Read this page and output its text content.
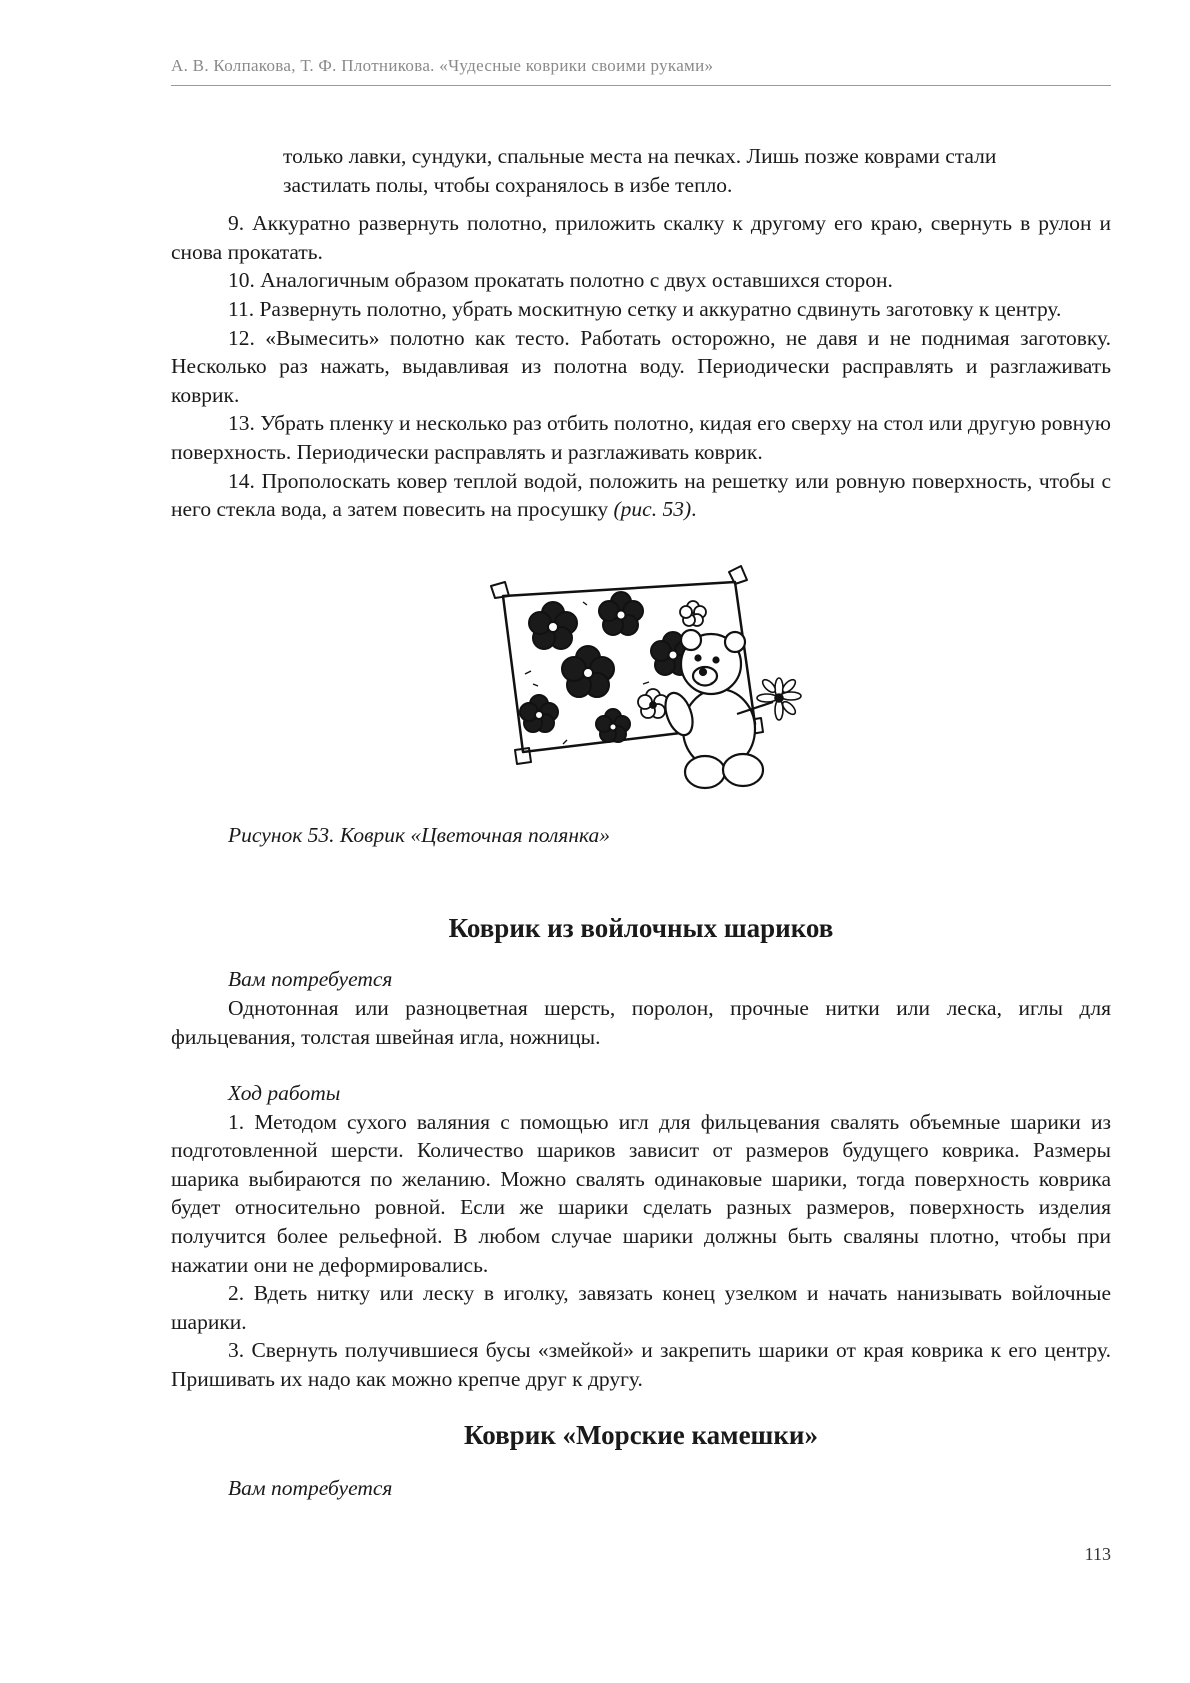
А. В. Колпакова, Т. Ф. Плотникова. «Чудесные коврики своими руками»

только лавки, сундуки, спальные места на печках. Лишь позже коврами стали
застилать полы, чтобы сохранялось в избе тепло.

9. Аккуратно развернуть полотно, приложить скалку к другому его краю, свернуть в рулон и снова прокатать.

10. Аналогичным образом прокатать полотно с двух оставшихся сторон.

11. Развернуть полотно, убрать москитную сетку и аккуратно сдвинуть заготовку к центру.

12. «Вымесить» полотно как тесто. Работать осторожно, не давя и не поднимая заготовку. Несколько раз нажать, выдавливая из полотна воду. Периодически расправлять и разглаживать коврик.

13. Убрать пленку и несколько раз отбить полотно, кидая его сверху на стол или другую ровную поверхность. Периодически расправлять и разглаживать коврик.

14. Прополоскать ковер теплой водой, положить на решетку или ровную поверхность, чтобы с него стекла вода, а затем повесить на просушку (рис. 53).

Рисунок 53. Коврик «Цветочная полянка»

Коврик из войлочных шариков

Вам потребуется

Однотонная или разноцветная шерсть, поролон, прочные нитки или леска, иглы для фильцевания, толстая швейная игла, ножницы.

Ход работы

1. Методом сухого валяния с помощью игл для фильцевания свалять объемные шарики из подготовленной шерсти. Количество шариков зависит от размеров будущего коврика. Размеры шарика выбираются по желанию. Можно свалять одинаковые шарики, тогда поверхность коврика будет относительно ровной. Если же шарики сделать разных размеров, поверхность изделия получится более рельефной. В любом случае шарики должны быть сваляны плотно, чтобы при нажатии они не деформировались.

2. Вдеть нитку или леску в иголку, завязать конец узелком и начать нанизывать войлочные шарики.

3. Свернуть получившиеся бусы «змейкой» и закрепить шарики от края коврика к его центру. Пришивать их надо как можно крепче друг к другу.

Коврик «Морские камешки»

Вам потребуется

113
